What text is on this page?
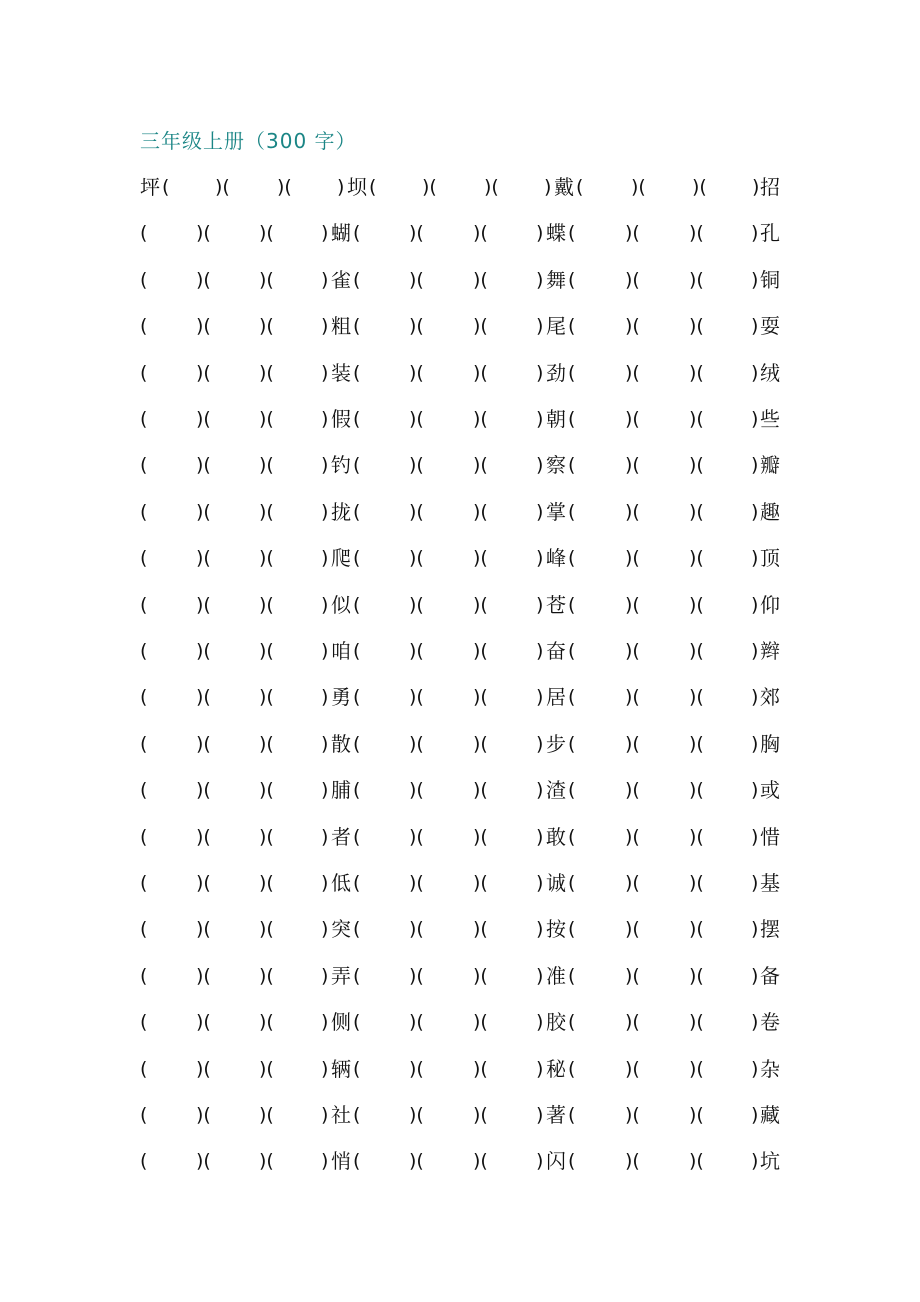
三年级上册（300 字）
坪 ( )( )( ) 坝 ( )( )( ) 戴 (	)( )( ) 招
(	)(	)( ) 蝴 (	)(	)(	) 蝶 (	)(	)( ) 孔
(	)(	)( ) 雀 (	)(	)(	) 舞 (	)(	)( ) 铜
(	)(	)( ) 粗 (	)(	)(	) 尾 (	)(	)( ) 耍
(	)(	)( ) 装 (	)(	)(	) 劲 (	)(	)( ) 绒
(	)(	)( ) 假 (	)(	)(	) 朝 (	)(	)( ) 些
(	)(	)( ) 钓 (	)(	)(	) 察 (	)(	)( ) 瓣
(	)(	)( ) 拢 (	)(	)(	) 掌 (	)(	)( ) 趣
(	)(	)( ) 爬 (	)(	)(	) 峰 (	)(	)( ) 顶
(	)(	)( ) 似 (	)(	)(	) 苍 (	)(	)( ) 仰
(	)(	)( ) 咱 (	)(	)(	) 奋 (	)(	)( ) 辫
(	)(	)( ) 勇 (	)(	)(	) 居 (	)(	)( ) 郊
(	)(	)( ) 散 (	)(	)(	) 步 (	)(	)( ) 胸
(	)(	)( ) 脯 (	)(	)(	) 渣 (	)(	)( ) 或
(	)(	)( ) 者 (	)(	)(	) 敢 (	)(	)( ) 惜
(	)(	)( ) 低 (	)(	)(	) 诚 (	)(	)( ) 基
(	)(	)( ) 突 (	)(	)(	) 按 (	)(	)( ) 摆
(	)(	)( ) 弄 (	)(	)(	) 准 (	)(	)( ) 备
(	)(	)( ) 侧 (	)(	)(	) 胶 (	)(	)( ) 卷
(	)(	)( ) 辆 (	)(	)(	) 秘 (	)(	)( ) 杂
(	)(	)( ) 社 (	)(	)(	) 著 (	)(	)( ) 藏
(	)(	)( ) 悄 (	)(	)(	) 闪 (	)(	)( ) 坑
